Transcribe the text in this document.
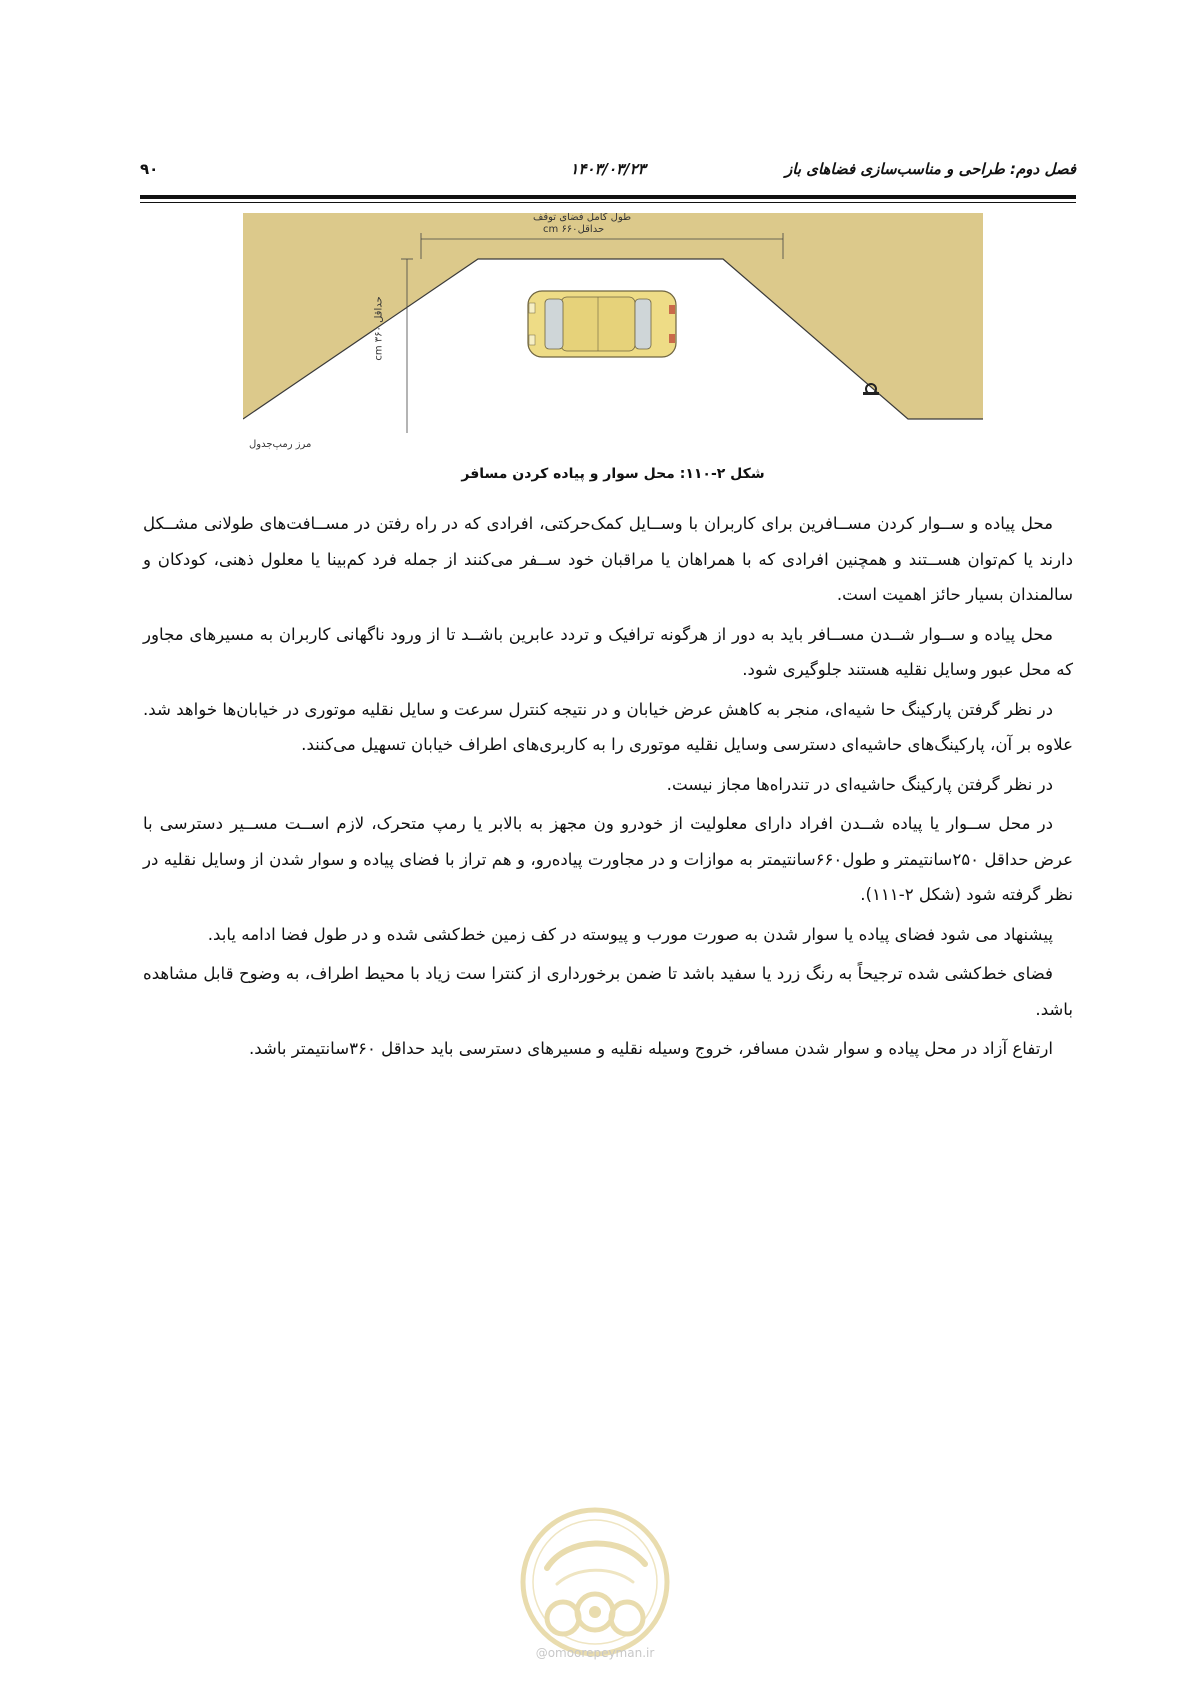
فصل دوم: طراحی و مناسب‌سازی فضاهای باز
۱۴۰۳/۰۳/۲۳
۹۰
طول کامل فضای توقف
حداقل۶۶۰ cm
حداقل ۳۶۰ cm
مرز رمپ‌جدول
شکل ۲-۱۱۰: محل سوار و پیاده کردن مسافر

محل پیاده و ســوار کردن مســافرین برای کاربران با وســایل کمک‌حرکتی، افرادی که در راه رفتن در مســافت‌های طولانی مشــکل دارند یا کم‌توان هســتند و همچنین افرادی که با همراهان یا مراقبان خود ســفر می‌کنند از جمله فرد کم‌بینا یا معلول ذهنی، کودکان و سالمندان بسیار حائز اهمیت است.

محل پیاده و ســوار شــدن مســافر باید به دور از هرگونه ترافیک و تردد عابرین باشــد تا از ورود ناگهانی کاربران به مسیرهای مجاور که محل عبور وسایل نقلیه هستند جلوگیری شود.

در نظر گرفتن پارکینگ حا شیه‌ای، منجر به کاهش عرض خیابان و در نتیجه کنترل سرعت و سایل نقلیه موتوری در خیابان‌ها خواهد شد. علاوه بر آن، پارکینگ‌های حاشیه‌ای دسترسی وسایل نقلیه موتوری را به کاربری‌های اطراف خیابان تسهیل می‌کنند.

در نظر گرفتن پارکینگ حاشیه‌ای در تندراه‌ها مجاز نیست.

در محل ســوار یا پیاده شــدن افراد دارای معلولیت از خودرو ون مجهز به بالابر یا رمپ متحرک، لازم اســت مســیر دسترسی با عرض حداقل ۲۵۰سانتیمتر و طول۶۶۰سانتیمتر به موازات و در مجاورت پیاده‌رو، و هم تراز با فضای پیاده و سوار شدن از وسایل نقلیه در نظر گرفته شود (شکل ۲-۱۱۱).

پیشنهاد می شود فضای پیاده یا سوار شدن به صورت مورب و پیوسته در کف زمین خط‌کشی شده و در طول فضا ادامه یابد.

فضای خط‌کشی شده ترجیحاً به رنگ زرد یا سفید باشد تا ضمن برخورداری از کنترا ست زیاد با محیط اطراف، به وضوح قابل مشاهده باشد.

ارتفاع آزاد در محل پیاده و سوار شدن مسافر، خروج وسیله نقلیه و مسیرهای دسترسی باید حداقل ۳۶۰سانتیمتر باشد.

@omoorepeyman.ir
